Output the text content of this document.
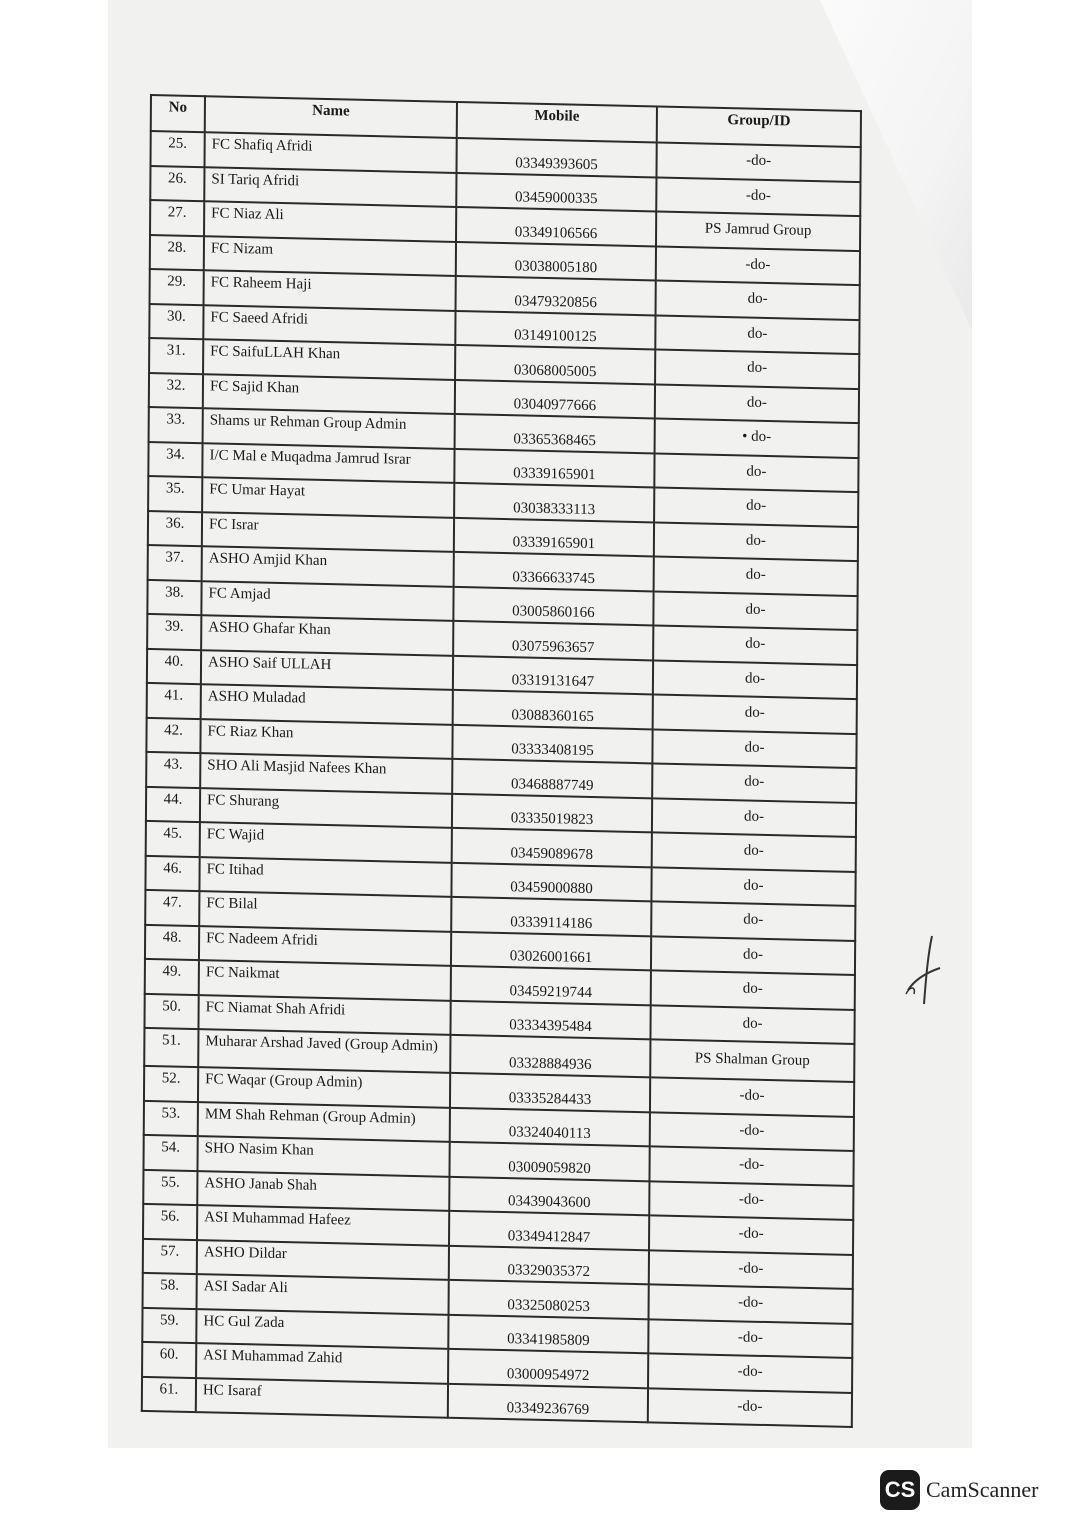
No	Name	Mobile	Group/ID
25.	FC Shafiq Afridi	03349393605	-do-
26.	SI Tariq Afridi	03459000335	-do-
27.	FC Niaz Ali	03349106566	PS Jamrud Group
28.	FC Nizam	03038005180	-do-
29.	FC Raheem Haji	03479320856	do-
30.	FC Saeed Afridi	03149100125	do-
31.	FC SaifuLLAH Khan	03068005005	do-
32.	FC Sajid Khan	03040977666	do-
33.	Shams ur Rehman Group Admin	03365368465	• do-
34.	I/C Mal e Muqadma Jamrud Israr	03339165901	do-
35.	FC Umar Hayat	03038333113	do-
36.	FC Israr	03339165901	do-
37.	ASHO Amjid Khan	03366633745	do-
38.	FC Amjad	03005860166	do-
39.	ASHO Ghafar Khan	03075963657	do-
40.	ASHO Saif ULLAH	03319131647	do-
41.	ASHO Muladad	03088360165	do-
42.	FC Riaz Khan	03333408195	do-
43.	SHO Ali Masjid Nafees Khan	03468887749	do-
44.	FC Shurang	03335019823	do-
45.	FC Wajid	03459089678	do-
46.	FC Itihad	03459000880	do-
47.	FC Bilal	03339114186	do-
48.	FC Nadeem Afridi	03026001661	do-
49.	FC Naikmat	03459219744	do-
50.	FC Niamat Shah Afridi	03334395484	do-
51.	Muharar Arshad Javed (Group Admin)	03328884936	PS Shalman Group
52.	FC Waqar (Group Admin)	03335284433	-do-
53.	MM Shah Rehman (Group Admin)	03324040113	-do-
54.	SHO Nasim Khan	03009059820	-do-
55.	ASHO Janab Shah	03439043600	-do-
56.	ASI Muhammad Hafeez	03349412847	-do-
57.	ASHO Dildar	03329035372	-do-
58.	ASI Sadar Ali	03325080253	-do-
59.	HC Gul Zada	03341985809	-do-
60.	ASI Muhammad Zahid	03000954972	-do-
61.	HC Isaraf	03349236769	-do-
CS CamScanner
